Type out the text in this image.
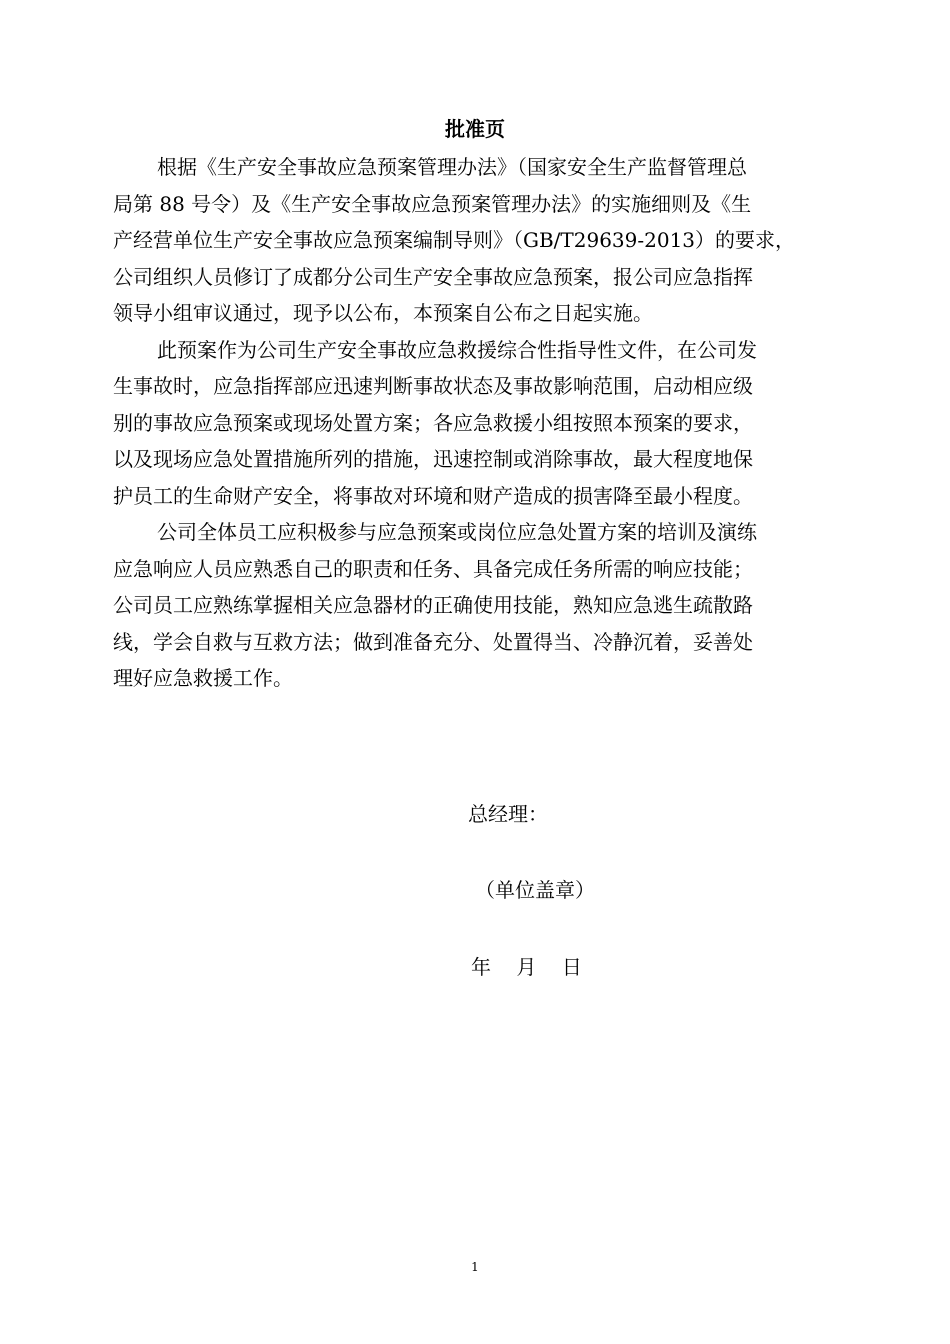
批准页

根据《生产安全事故应急预案管理办法》（国家安全生产监督管理总
局第 88 号令）及《生产安全事故应急预案管理办法》的实施细则及《生
产经营单位生产安全事故应急预案编制导则》（GB/T29639-2013）的要求，
公司组织人员修订了成都分公司生产安全事故应急预案，报公司应急指挥
领导小组审议通过，现予以公布，本预案自公布之日起实施。

此预案作为公司生产安全事故应急救援综合性指导性文件，在公司发
生事故时，应急指挥部应迅速判断事故状态及事故影响范围，启动相应级
别的事故应急预案或现场处置方案；各应急救援小组按照本预案的要求，
以及现场应急处置措施所列的措施，迅速控制或消除事故，最大程度地保
护员工的生命财产安全，将事故对环境和财产造成的损害降至最小程度。

公司全体员工应积极参与应急预案或岗位应急处置方案的培训及演练
应急响应人员应熟悉自己的职责和任务、具备完成任务所需的响应技能；
公司员工应熟练掌握相关应急器材的正确使用技能，熟知应急逃生疏散路
线，学会自救与互救方法；做到准备充分、处置得当、冷静沉着，妥善处
理好应急救援工作。

总经理：
（单位盖章）
年    月    日
1
